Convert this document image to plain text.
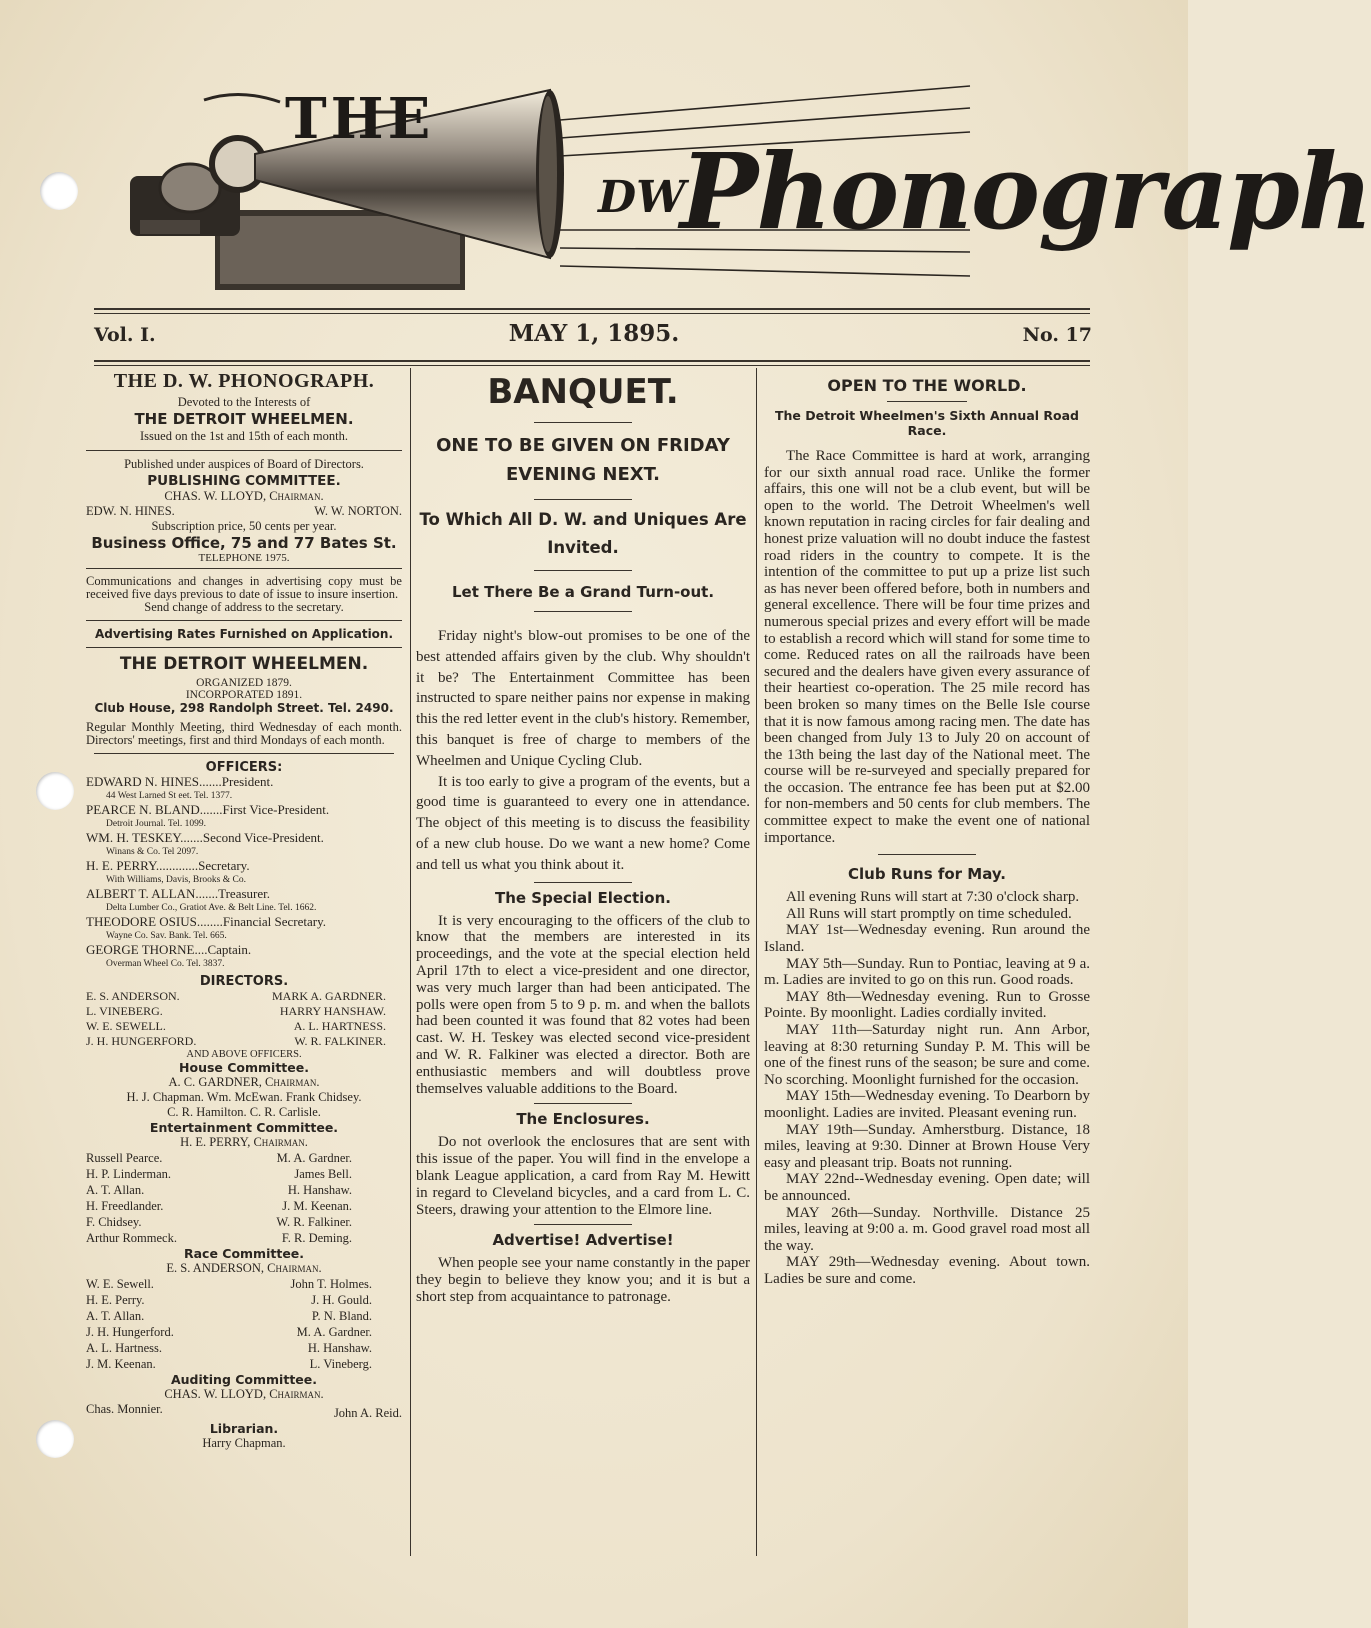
THE
DW
Phonograph
Vol. I.	MAY 1, 1895.	No. 17

THE D. W. PHONOGRAPH.

Devoted to the Interests of

THE DETROIT WHEELMEN.

Issued on the 1st and 15th of each month.

Published under auspices of Board of Directors.

PUBLISHING COMMITTEE.

CHAS. W. LLOYD, Chairman.

EDW. N. HINES.	W. W. NORTON.

Subscription price, 50 cents per year.

Business Office, 75 and 77 Bates St.

TELEPHONE 1975.

Communications and changes in advertising copy must be received five days previous to date of issue to insure insertion.

Send change of address to the secretary.

Advertising Rates Furnished on Application.

THE DETROIT WHEELMEN.

ORGANIZED 1879.

INCORPORATED 1891.

Club House, 298 Randolph Street. Tel. 2490.

Regular Monthly Meeting, third Wednesday of each month. Directors' meetings, first and third Mondays of each month.

OFFICERS:

EDWARD N. HINES.......President.
44 West Larned St eet. Tel. 1377.
PEARCE N. BLAND.......First Vice-President.
Detroit Journal. Tel. 1099.
WM. H. TESKEY.......Second Vice-President.
Winans & Co. Tel 2097.
H. E. PERRY.............Secretary.
With Williams, Davis, Brooks & Co.
ALBERT T. ALLAN.......Treasurer.
Delta Lumber Co., Gratiot Ave. & Belt Line. Tel. 1662.
THEODORE OSIUS........Financial Secretary.
Wayne Co. Sav. Bank. Tel. 665.
GEORGE THORNE....Captain.
Overman Wheel Co. Tel. 3837.

DIRECTORS.

E. S. ANDERSON.	MARK A. GARDNER.
L. VINEBERG.	HARRY HANSHAW.
W. E. SEWELL.	A. L. HARTNESS.
J. H. HUNGERFORD.	W. R. FALKINER.

AND ABOVE OFFICERS.

House Committee.

A. C. GARDNER, Chairman.

H. J. Chapman. Wm. McEwan. Frank Chidsey.

C. R. Hamilton. C. R. Carlisle.

Entertainment Committee.

H. E. PERRY, Chairman.

Russell Pearce.	M. A. Gardner.
H. P. Linderman.	James Bell.
A. T. Allan.	H. Hanshaw.
H. Freedlander.	J. M. Keenan.
F. Chidsey.	W. R. Falkiner.
Arthur Rommeck.	F. R. Deming.

Race Committee.

E. S. ANDERSON, Chairman.

W. E. Sewell.	John T. Holmes.
H. E. Perry.	J. H. Gould.
A. T. Allan.	P. N. Bland.
J. H. Hungerford.	M. A. Gardner.
A. L. Hartness.	H. Hanshaw.
J. M. Keenan.	L. Vineberg.

Auditing Committee.

CHAS. W. LLOYD, Chairman.

Chas. Monnier.	John A. Reid.

Librarian.

Harry Chapman.

BANQUET.

ONE TO BE GIVEN ON FRIDAY EVENING NEXT.

To Which All D. W. and Uniques Are Invited.

Let There Be a Grand Turn-out.

Friday night's blow-out promises to be one of the best attended affairs given by the club. Why shouldn't it be? The Entertainment Committee has been instructed to spare neither pains nor expense in making this the red letter event in the club's history. Remember, this banquet is free of charge to members of the Wheelmen and Unique Cycling Club.

It is too early to give a program of the events, but a good time is guaranteed to every one in attendance. The object of this meeting is to discuss the feasibility of a new club house. Do we want a new home? Come and tell us what you think about it.

The Special Election.

It is very encouraging to the officers of the club to know that the members are interested in its proceedings, and the vote at the special election held April 17th to elect a vice-president and one director, was very much larger than had been anticipated. The polls were open from 5 to 9 p. m. and when the ballots had been counted it was found that 82 votes had been cast. W. H. Teskey was elected second vice-president and W. R. Falkiner was elected a director. Both are enthusiastic members and will doubtless prove themselves valuable additions to the Board.

The Enclosures.

Do not overlook the enclosures that are sent with this issue of the paper. You will find in the envelope a blank League application, a card from Ray M. Hewitt in regard to Cleveland bicycles, and a card from L. C. Steers, drawing your attention to the Elmore line.

Advertise! Advertise!

When people see your name constantly in the paper they begin to believe they know you; and it is but a short step from acquaintance to patronage.

OPEN TO THE WORLD.

The Detroit Wheelmen's Sixth Annual Road Race.

The Race Committee is hard at work, arranging for our sixth annual road race. Unlike the former affairs, this one will not be a club event, but will be open to the world. The Detroit Wheelmen's well known reputation in racing circles for fair dealing and honest prize valuation will no doubt induce the fastest road riders in the country to compete. It is the intention of the committee to put up a prize list such as has never been offered before, both in numbers and general excellence. There will be four time prizes and numerous special prizes and every effort will be made to establish a record which will stand for some time to come. Reduced rates on all the railroads have been secured and the dealers have given every assurance of their heartiest co-operation. The 25 mile record has been broken so many times on the Belle Isle course that it is now famous among racing men. The date has been changed from July 13 to July 20 on account of the 13th being the last day of the National meet. The course will be re-surveyed and specially prepared for the occasion. The entrance fee has been put at $2.00 for non-members and 50 cents for club members. The committee expect to make the event one of national importance.

Club Runs for May.

All evening Runs will start at 7:30 o'clock sharp.

All Runs will start promptly on time scheduled.

MAY 1st—Wednesday evening. Run around the Island.

MAY 5th—Sunday. Run to Pontiac, leaving at 9 a. m. Ladies are invited to go on this run. Good roads.

MAY 8th—Wednesday evening. Run to Grosse Pointe. By moonlight. Ladies cordially invited.

MAY 11th—Saturday night run. Ann Arbor, leaving at 8:30 returning Sunday P. M. This will be one of the finest runs of the season; be sure and come. No scorching. Moonlight furnished for the occasion.

MAY 15th—Wednesday evening. To Dearborn by moonlight. Ladies are invited. Pleasant evening run.

MAY 19th—Sunday. Amherstburg. Distance, 18 miles, leaving at 9:30. Dinner at Brown House Very easy and pleasant trip. Boats not running.

MAY 22nd--Wednesday evening. Open date; will be announced.

MAY 26th—Sunday. Northville. Distance 25 miles, leaving at 9:00 a. m. Good gravel road most all the way.

MAY 29th—Wednesday evening. About town. Ladies be sure and come.
